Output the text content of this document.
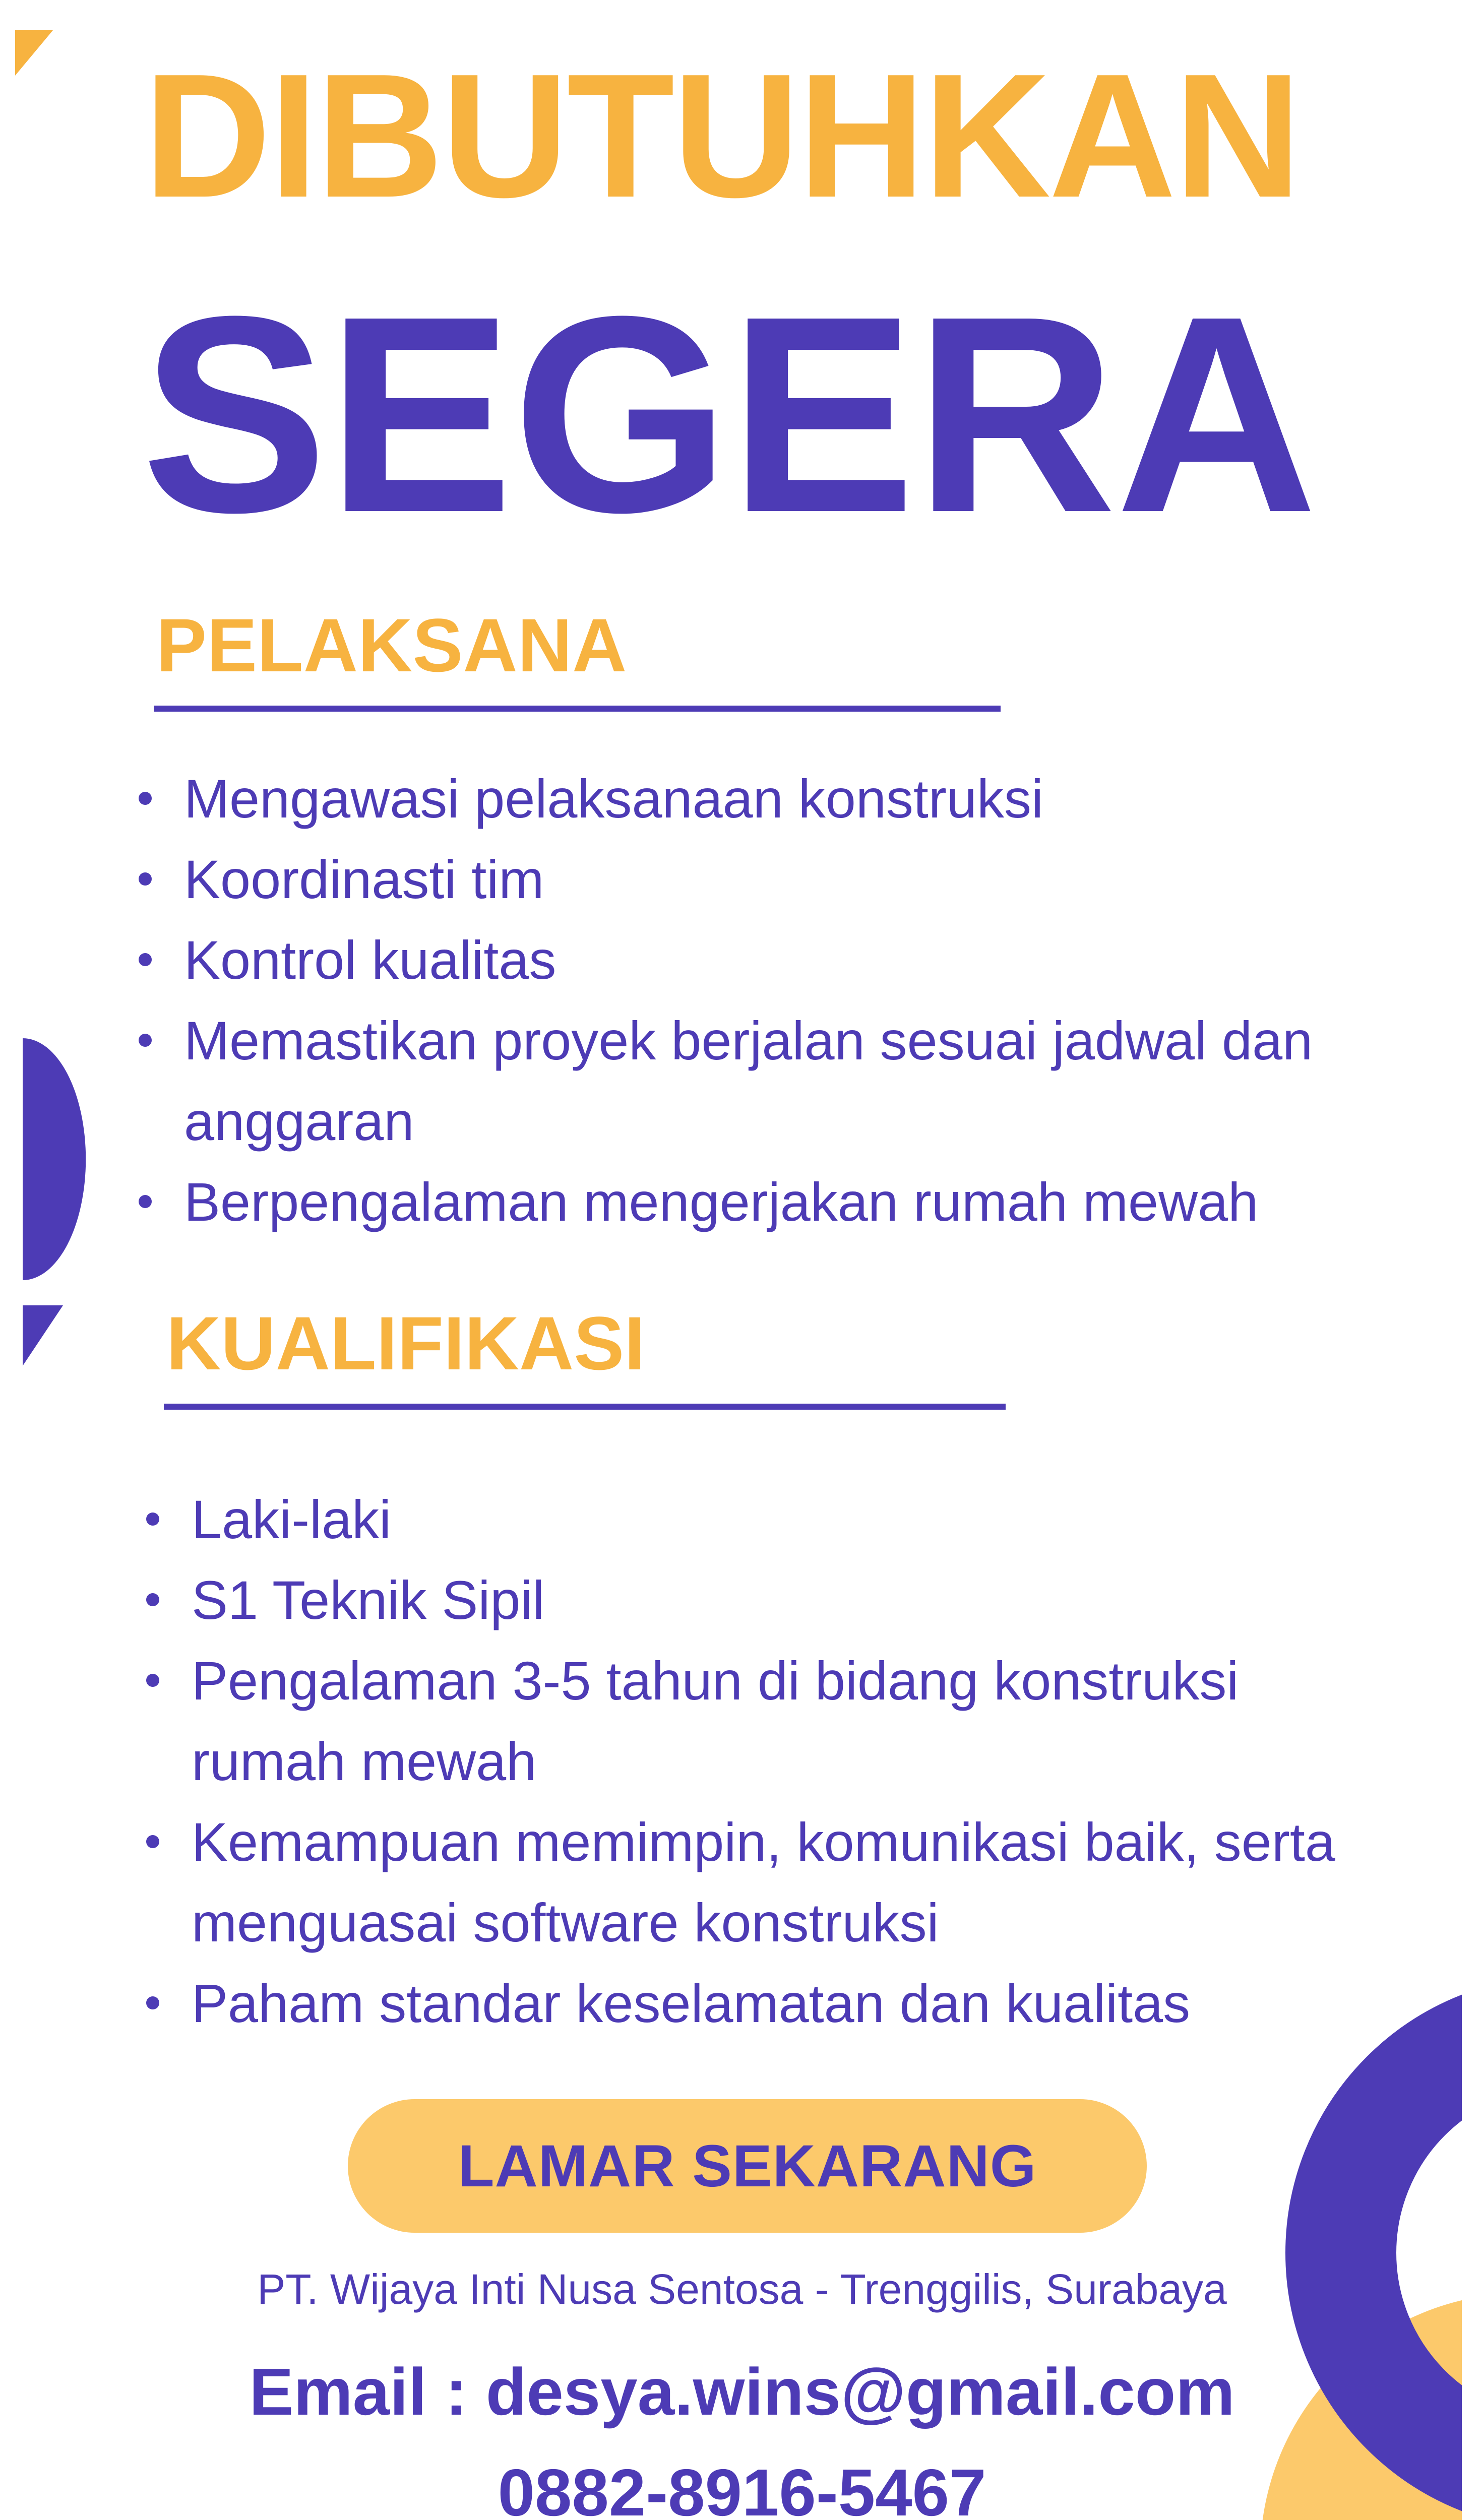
DIBUTUHKAN
SEGERA
PELAKSANA
Mengawasi pelaksanaan konstruksi
Koordinasti tim
Kontrol kualitas
Memastikan proyek berjalan sesuai jadwal dan
anggaran
Berpengalaman mengerjakan rumah mewah
KUALIFIKASI
Laki-laki
S1 Teknik Sipil
Pengalaman 3-5 tahun di bidang konstruksi
rumah mewah
Kemampuan memimpin, komunikasi baik, serta
menguasai software konstruksi
Paham standar keselamatan dan kualitas
LAMAR SEKARANG
PT. Wijaya Inti Nusa Sentosa - Trenggilis, Surabaya
Email : desya.wins@gmail.com
0882-8916-5467
